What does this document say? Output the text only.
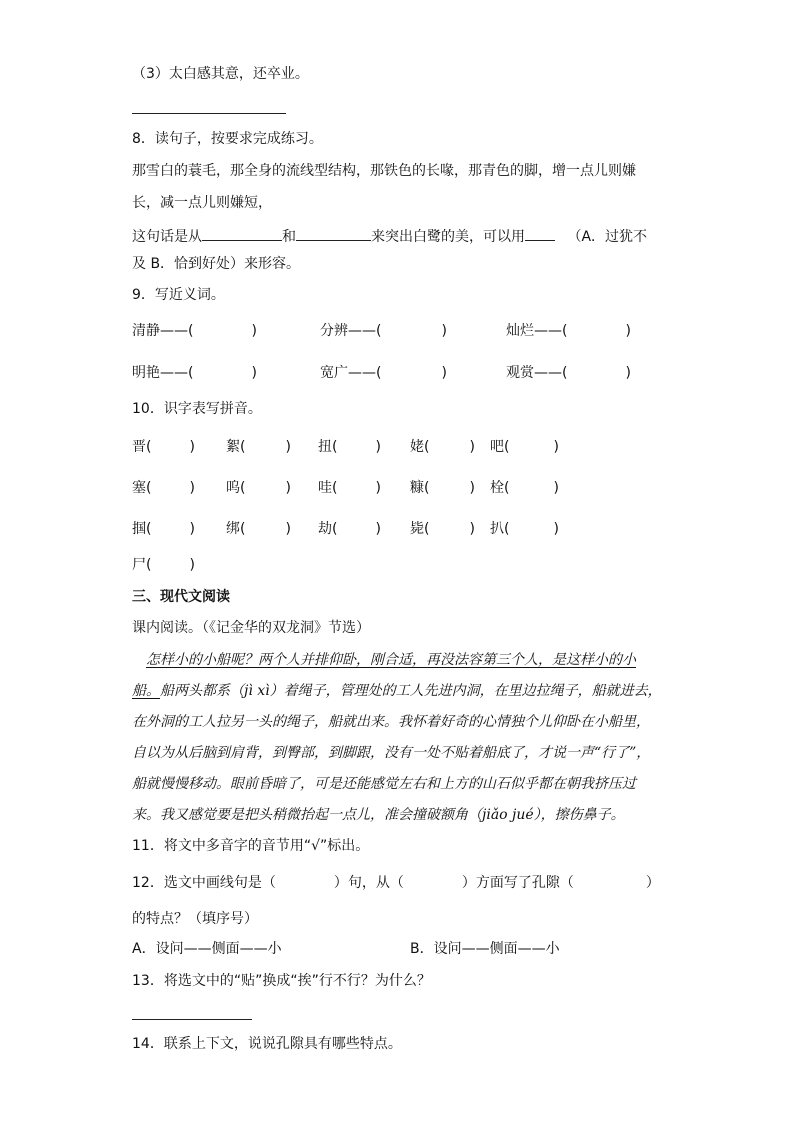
（3）太白感其意，还卒业。
8．读句子，按要求完成练习。
那雪白的蓑毛，那全身的流线型结构，那铁色的长喙，那青色的脚，增一点儿则嫌
长，减一点儿则嫌短，
这句话是从	和	来突出白鹭的美，可以用	（A．过犹不
及 B．恰到好处）来形容。
9．写近义词。
清静——(	)	分辨——(	)	灿烂——(	)
明艳——(	)	宽广——(	)	观赏——(	)
10．识字表写拼音。
晋(	) 絮(	) 扭(	) 姥(	) 吧(	)
塞(	) 呜(	) 哇(	) 糠(	) 栓(	)
掴(	) 绑(	) 劫(	) 毙(	) 扒(	)
尸(	)
三、现代文阅读
课内阅读。（《记金华的双龙洞》节选）
怎样小的小船呢？两个人并排仰卧，刚合适，再没法容第三个人，是这样小的小
船。船两头都系（jì xì）着绳子，管理处的工人先进内洞，在里边拉绳子，船就进去，
在外洞的工人拉另一头的绳子，船就出来。我怀着好奇的心情独个儿仰卧在小船里，
自以为从后脑到肩背，到臀部，到脚跟，没有一处不贴着船底了，才说一声“行了”，
船就慢慢移动。眼前昏暗了，可是还能感觉左右和上方的山石似乎都在朝我挤压过
来。我又感觉要是把头稍微抬起一点儿，准会撞破额角（jiǎo jué），擦伤鼻子。
11．将文中多音字的音节用“√”标出。
12．选文中画线句是（	）句，从（	）方面写了孔隙（	）
的特点？（填序号）
A．设问——侧面——小	B．设问——侧面——小
13．将选文中的“贴”换成“挨”行不行？为什么？
14．联系上下文，说说孔隙具有哪些特点。
